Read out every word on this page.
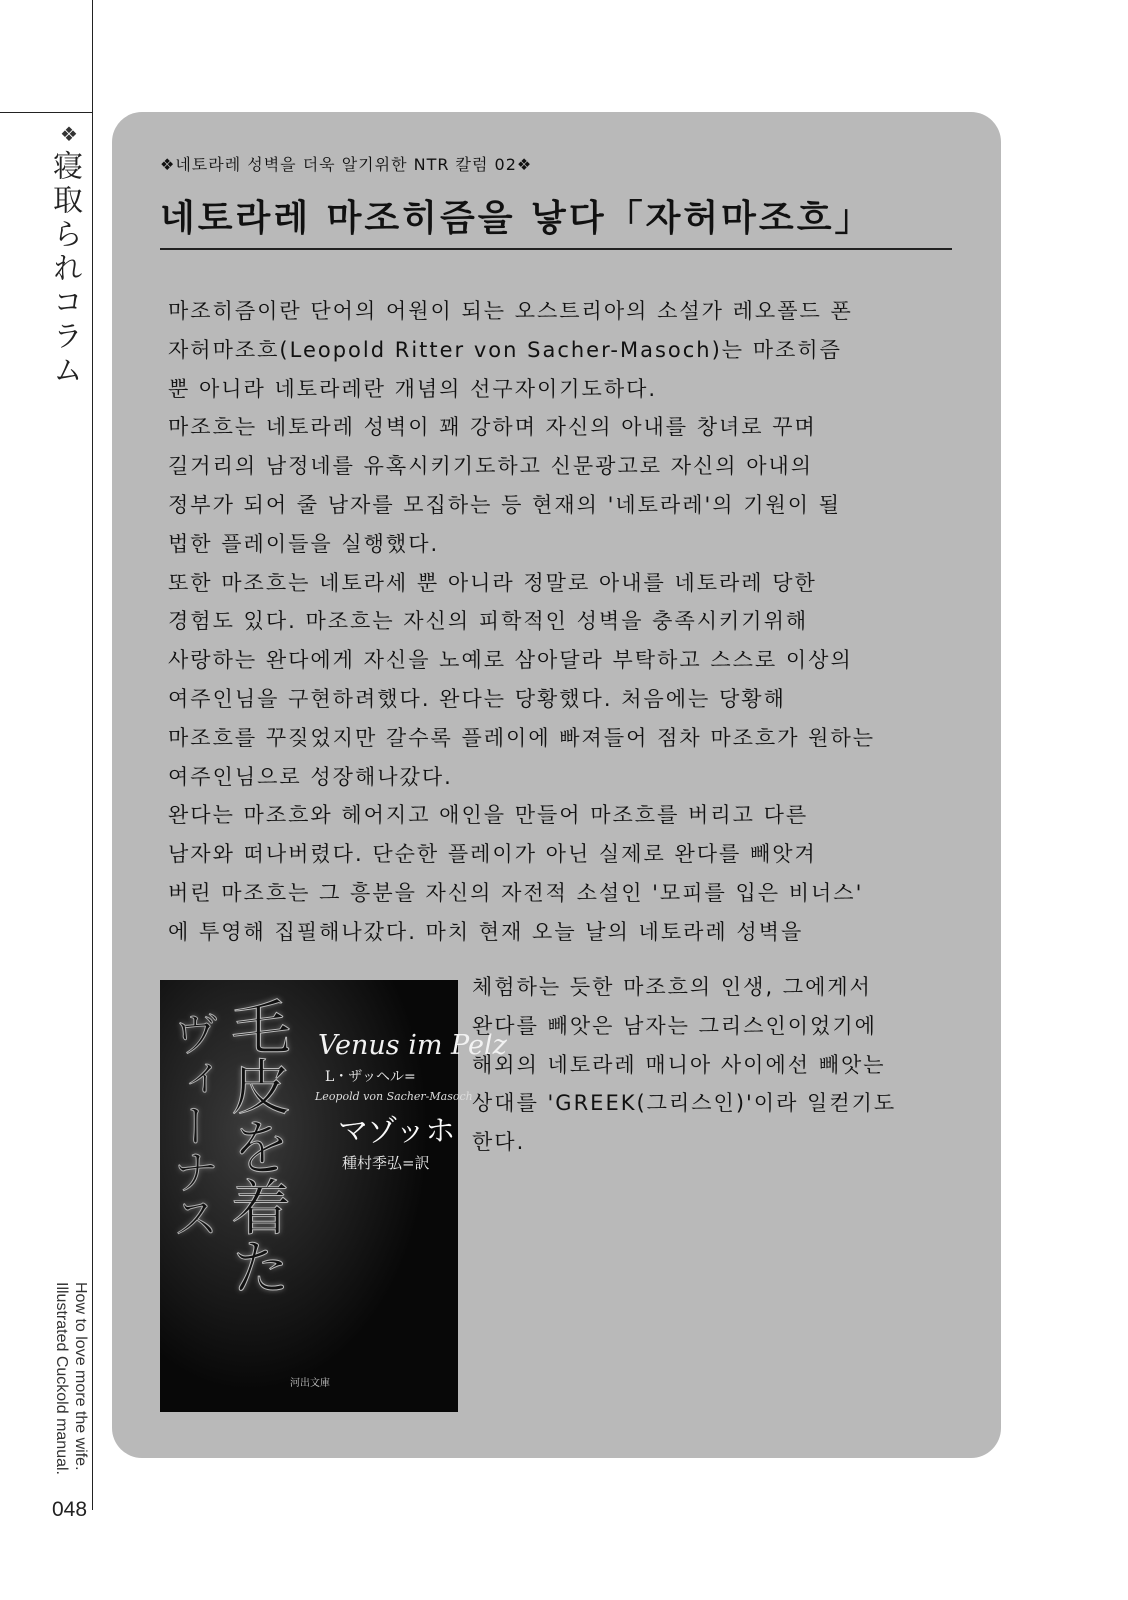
❖
寝取られコラム
How to love more the wife.
Illustrated Cuckold manual.
048
❖네토라레 성벽을 더욱 알기위한 NTR 칼럼 02❖
네토라레 마조히즘을 낳다「자허마조흐」
마조히즘이란 단어의 어원이 되는 오스트리아의 소설가 레오폴드 폰
자허마조흐(Leopold Ritter von Sacher-Masoch)는 마조히즘
뿐 아니라 네토라레란 개념의 선구자이기도하다.
마조흐는 네토라레 성벽이 꽤 강하며 자신의 아내를 창녀로 꾸며
길거리의 남정네를 유혹시키기도하고 신문광고로 자신의 아내의
정부가 되어 줄 남자를 모집하는 등 현재의 '네토라레'의 기원이 될
법한 플레이들을 실행했다.
또한 마조흐는 네토라세 뿐 아니라 정말로 아내를 네토라레 당한
경험도 있다. 마조흐는 자신의 피학적인 성벽을 충족시키기위해
사랑하는 완다에게 자신을 노예로 삼아달라 부탁하고 스스로 이상의
여주인님을 구현하려했다. 완다는 당황했다. 처음에는 당황해
마조흐를 꾸짖었지만 갈수록 플레이에 빠져들어 점차 마조흐가 원하는
여주인님으로 성장해나갔다.
완다는 마조흐와 헤어지고 애인을 만들어 마조흐를 버리고 다른
남자와 떠나버렸다. 단순한 플레이가 아닌 실제로 완다를 빼앗겨
버린 마조흐는 그 흥분을 자신의 자전적 소설인 '모피를 입은 비너스'
에 투영해 집필해나갔다. 마치 현재 오늘 날의 네토라레 성벽을
ヴィーナス 毛皮を着た Venus im Pelz
L・ザッヘル=
Leopold von Sacher-Masoch
マゾッホ
種村季弘=訳
河出文庫
체험하는 듯한 마조흐의 인생, 그에게서
완다를 빼앗은 남자는 그리스인이었기에
해외의 네토라레 매니아 사이에선 빼앗는
상대를 'GREEK(그리스인)'이라 일컫기도
한다.
